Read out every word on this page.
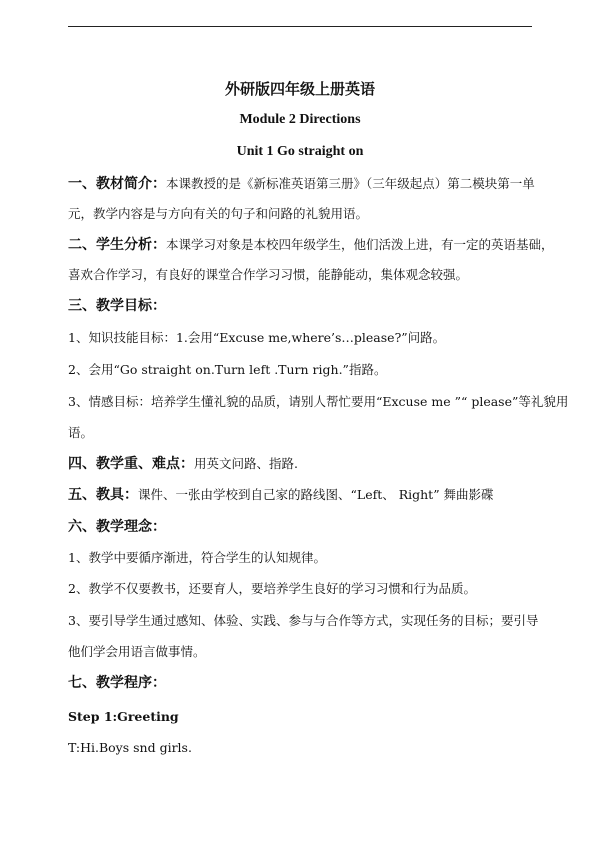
外研版四年级上册英语
Module 2 Directions
Unit 1 Go straight on
一、教材简介：本课教授的是《新标准英语第三册》（三年级起点）第二模块第一单
元，教学内容是与方向有关的句子和问路的礼貌用语。
二、学生分析：本课学习对象是本校四年级学生，他们活泼上进，有一定的英语基础，
喜欢合作学习，有良好的课堂合作学习习惯，能静能动，集体观念较强。
三、教学目标：
1、知识技能目标：1.会用“Excuse me,where’s…please?”问路。
2、会用“Go straight on.Turn left .Turn righ.”指路。
3、情感目标：培养学生懂礼貌的品质，请别人帮忙要用“Excuse me ”“ please”等礼貌用
语。
四、教学重、难点：用英文问路、指路.
五、教具：课件、一张由学校到自己家的路线图、“Left、 Right” 舞曲影碟
六、教学理念：
1、教学中要循序渐进，符合学生的认知规律。
2、教学不仅要教书，还要育人，要培养学生良好的学习习惯和行为品质。
3、要引导学生通过感知、体验、实践、参与与合作等方式，实现任务的目标；要引导
他们学会用语言做事情。
七、教学程序：
Step 1:Greeting
T:Hi.Boys snd girls.
